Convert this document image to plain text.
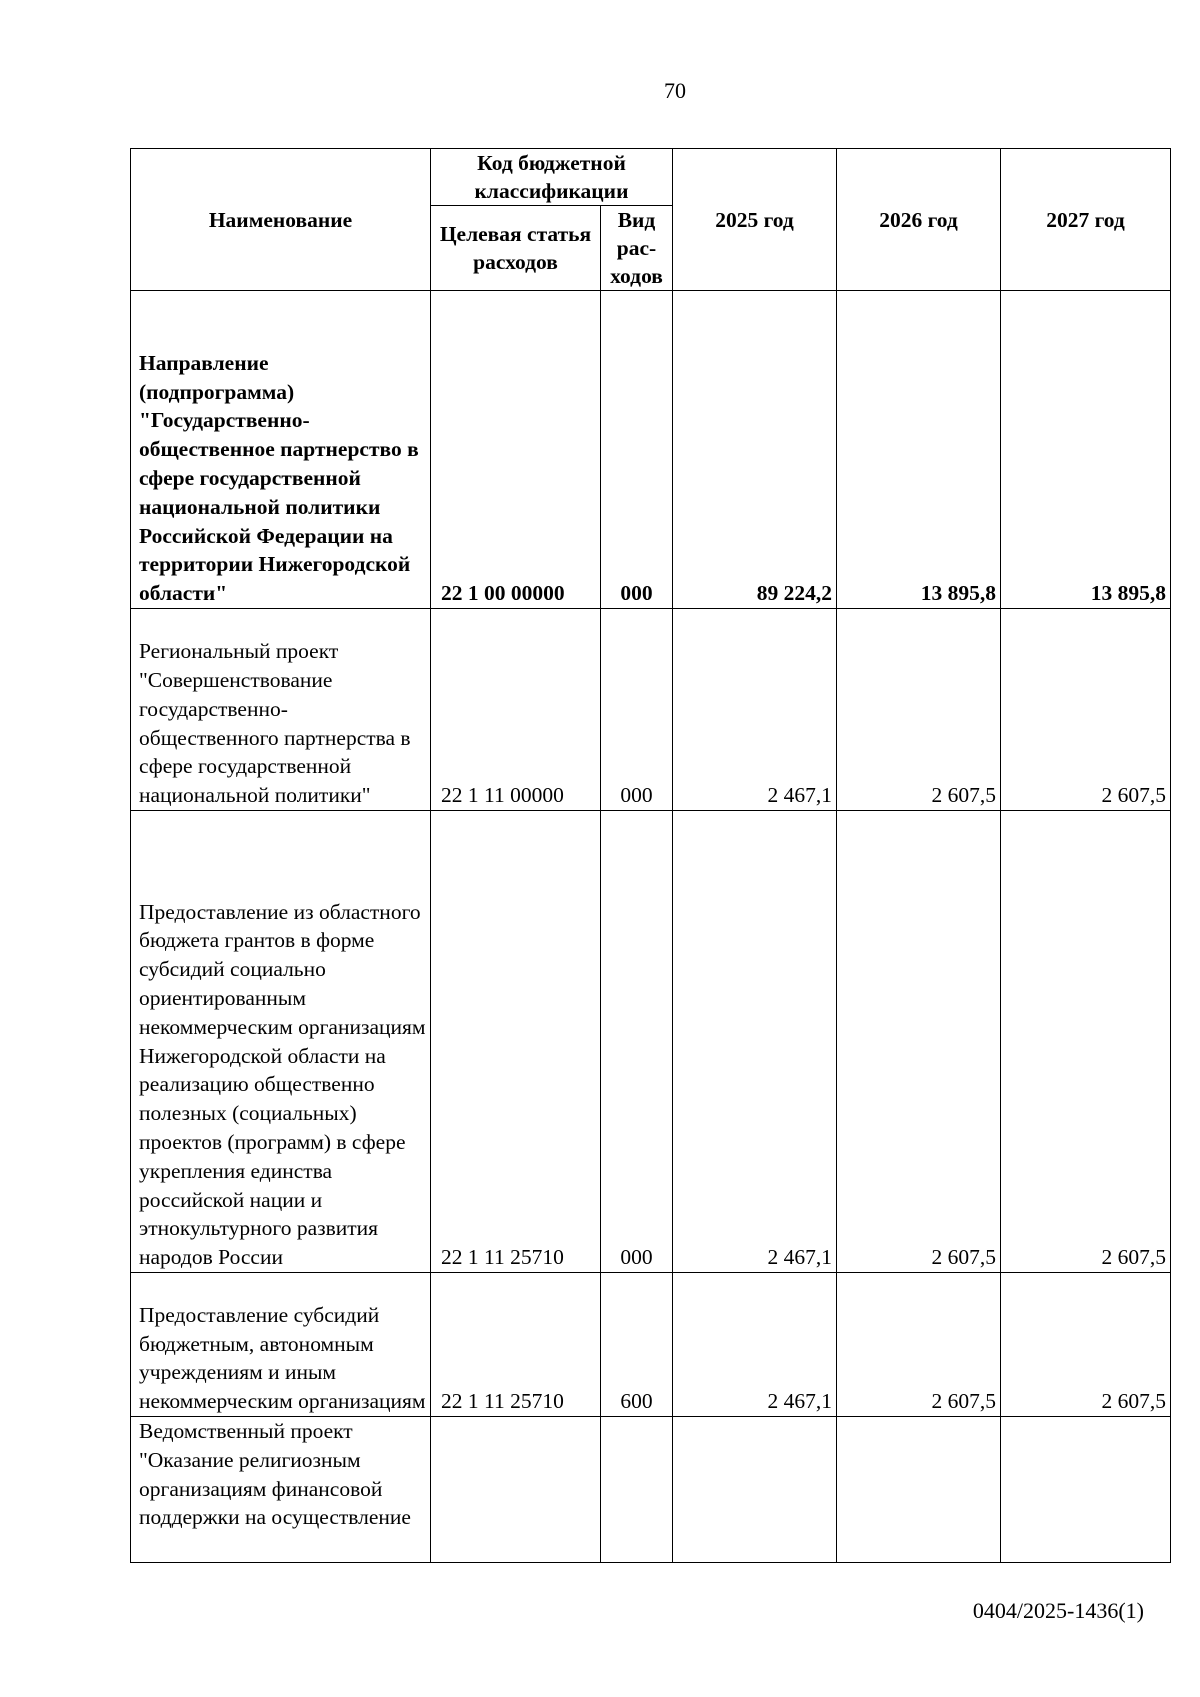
70
Наименование	Код бюджетной классификации		2025 год	2026 год	2027 год
	Целевая статья расходов	Вид рас-ходов			
Направление (подпрограмма) "Государственно-общественное партнерство в сфере государственной национальной политики Российской Федерации на территории Нижегородской области"	22 1 00 00000	000	89 224,2	13 895,8	13 895,8
Региональный проект "Совершенствование государственно-общественного партнерства в сфере государственной национальной политики"	22 1 11 00000	000	2 467,1	2 607,5	2 607,5
Предоставление из областного бюджета грантов в форме субсидий социально ориентированным некоммерческим организациям Нижегородской области на реализацию общественно полезных (социальных) проектов (программ) в сфере укрепления единства российской нации и этнокультурного развития народов России	22 1 11 25710	000	2 467,1	2 607,5	2 607,5
Предоставление субсидий бюджетным, автономным учреждениям и иным некоммерческим организациям	22 1 11 25710	600	2 467,1	2 607,5	2 607,5
Ведомственный проект "Оказание религиозным организациям финансовой поддержки на осуществление					
0404/2025-1436(1)
